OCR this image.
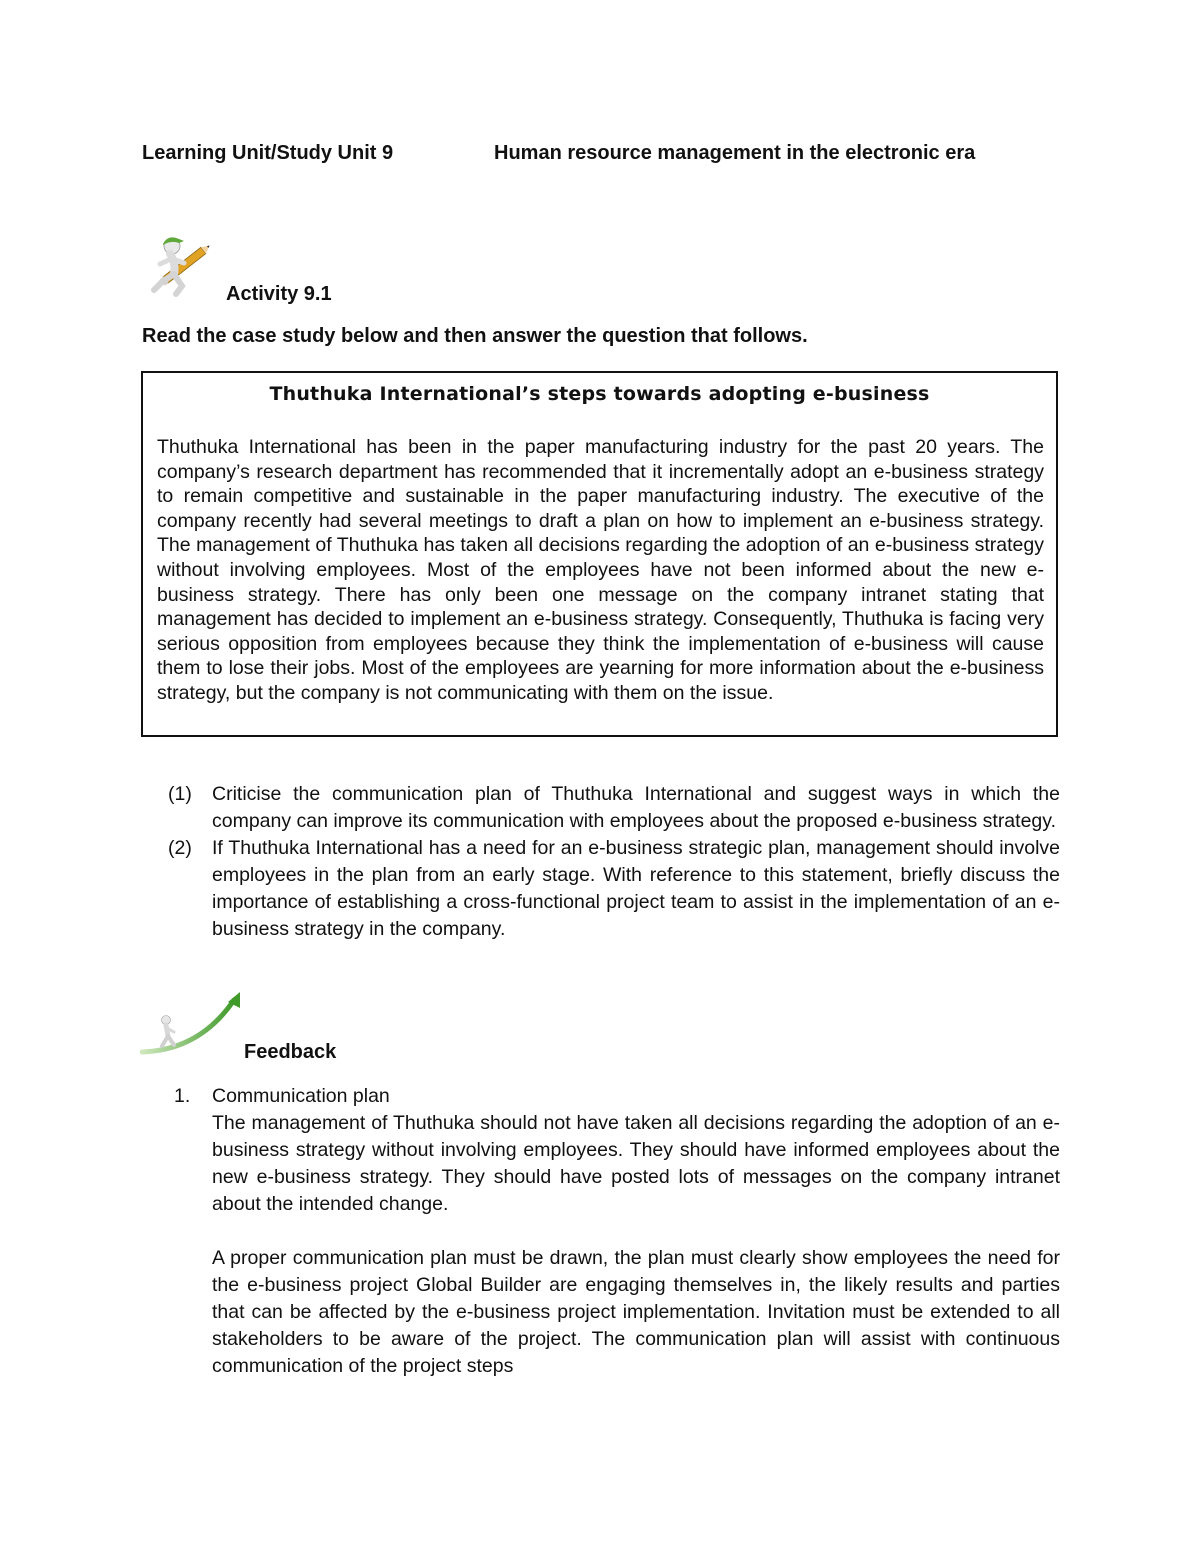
Learning Unit/Study Unit 9	Human resource management in the electronic era
Activity 9.1
Read the case study below and then answer the question that follows.
Thuthuka International’s steps towards adopting e-business

Thuthuka International has been in the paper manufacturing industry for the past 20 years. The company’s research department has recommended that it incrementally adopt an e-business strategy to remain competitive and sustainable in the paper manufacturing industry. The executive of the company recently had several meetings to draft a plan on how to implement an e-business strategy. The management of Thuthuka has taken all decisions regarding the adoption of an e-business strategy without involving employees. Most of the employees have not been informed about the new e-business strategy. There has only been one message on the company intranet stating that management has decided to implement an e-business strategy. Consequently, Thuthuka is facing very serious opposition from employees because they think the implementation of e-business will cause them to lose their jobs. Most of the employees are yearning for more information about the e-business strategy, but the company is not communicating with them on the issue.

(1) Criticise the communication plan of Thuthuka International and suggest ways in which the company can improve its communication with employees about the proposed e-business strategy.
(2) If Thuthuka International has a need for an e-business strategic plan, management should involve employees in the plan from an early stage. With reference to this statement, briefly discuss the importance of establishing a cross-functional project team to assist in the implementation of an e-business strategy in the company.
Feedback
1. Communication plan

The management of Thuthuka should not have taken all decisions regarding the adoption of an e-business strategy without involving employees. They should have informed employees about the new e-business strategy. They should have posted lots of messages on the company intranet about the intended change.

A proper communication plan must be drawn, the plan must clearly show employees the need for the e-business project Global Builder are engaging themselves in, the likely results and parties that can be affected by the e-business project implementation. Invitation must be extended to all stakeholders to be aware of the project. The communication plan will assist with continuous communication of the project steps
